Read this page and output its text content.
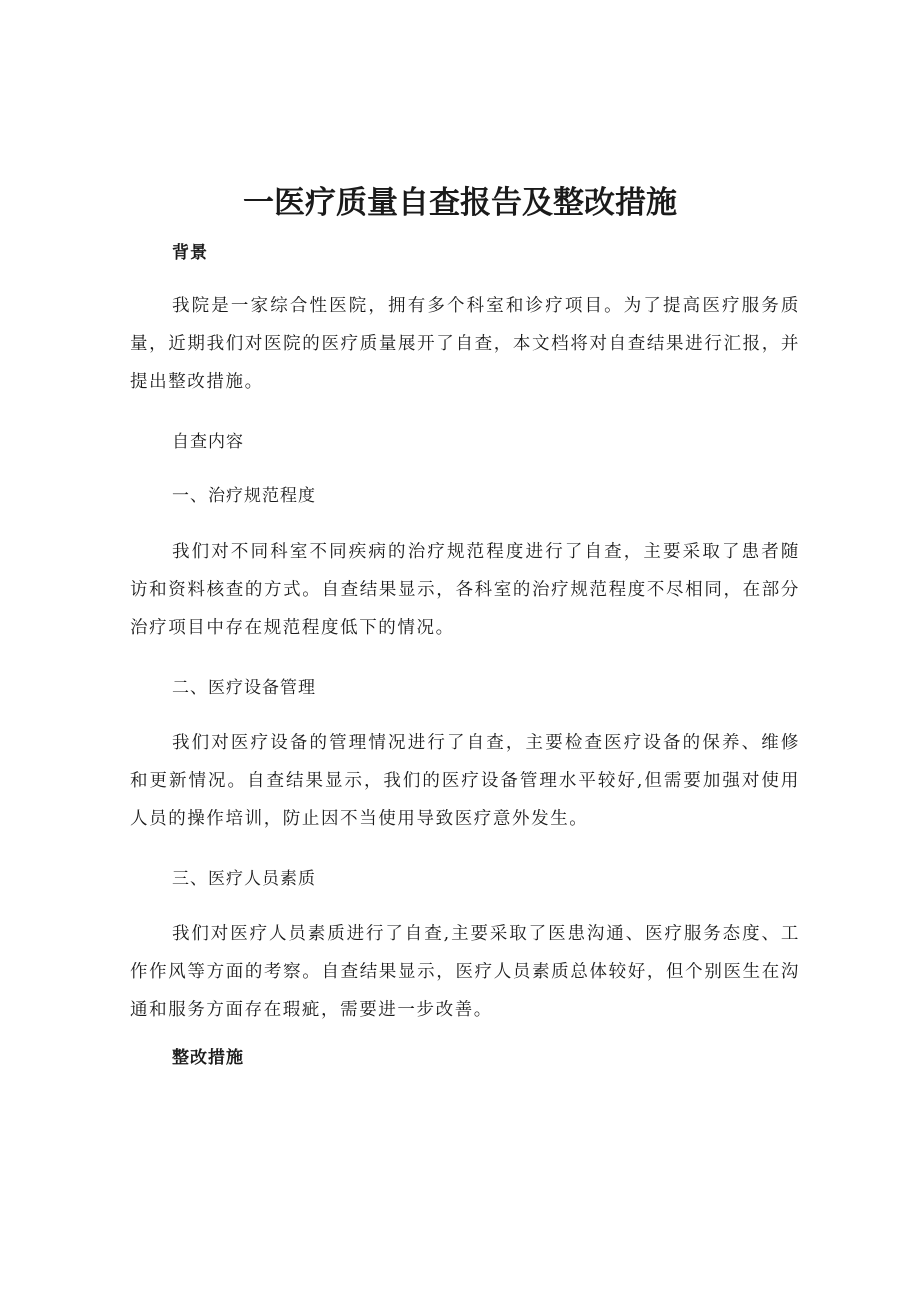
一医疗质量自查报告及整改措施
背景
我院是一家综合性医院，拥有多个科室和诊疗项目。为了提高医疗服务质量，近期我们对医院的医疗质量展开了自查，本文档将对自查结果进行汇报，并提出整改措施。
自查内容
一、治疗规范程度
我们对不同科室不同疾病的治疗规范程度进行了自查，主要采取了患者随访和资料核查的方式。自查结果显示，各科室的治疗规范程度不尽相同，在部分治疗项目中存在规范程度低下的情况。
二、医疗设备管理
我们对医疗设备的管理情况进行了自查，主要检查医疗设备的保养、维修和更新情况。自查结果显示，我们的医疗设备管理水平较好,但需要加强对使用人员的操作培训，防止因不当使用导致医疗意外发生。
三、医疗人员素质
我们对医疗人员素质进行了自查,主要采取了医患沟通、医疗服务态度、工作作风等方面的考察。自查结果显示，医疗人员素质总体较好，但个别医生在沟通和服务方面存在瑕疵，需要进一步改善。
整改措施
